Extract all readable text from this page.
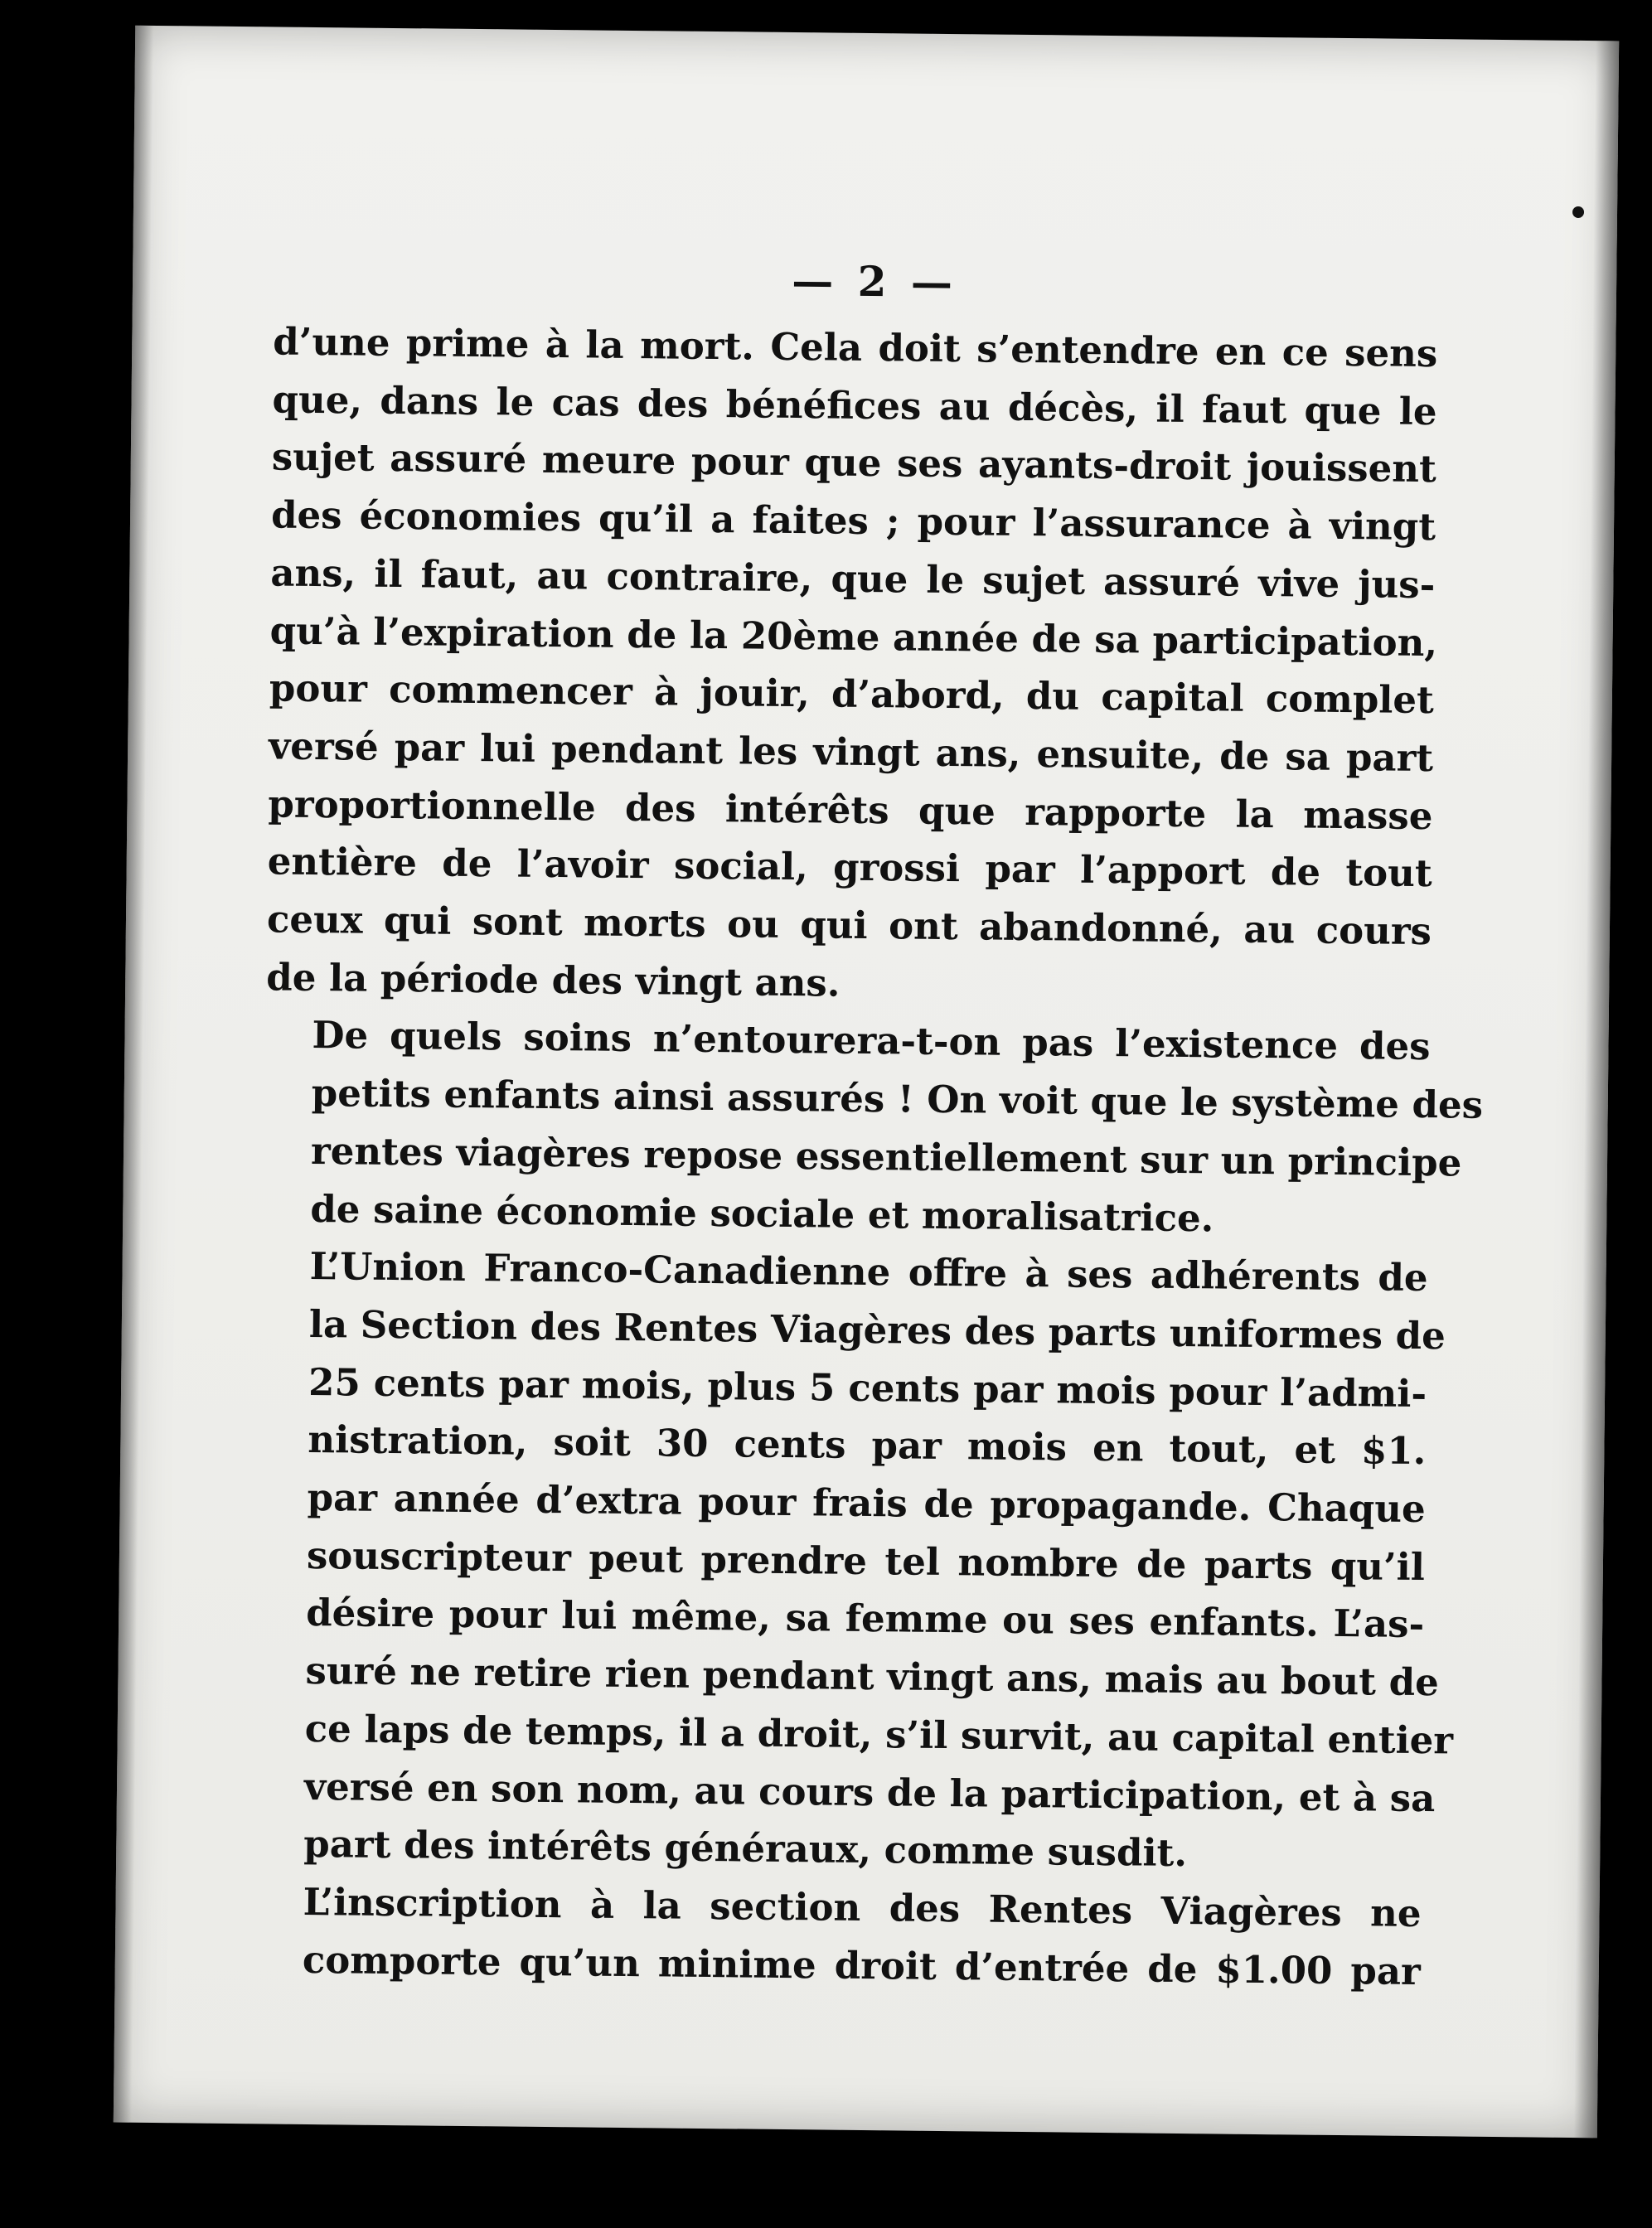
— 2 —
d’une prime à la mort. Cela doit s’entendre en ce sens
que, dans le cas des bénéfices au décès, il faut que le
sujet assuré meure pour que ses ayants-droit jouissent
des économies qu’il a faites ; pour l’assurance à vingt
ans, il faut, au contraire, que le sujet assuré vive jus-
qu’à l’expiration de la 20ème année de sa participation,
pour commencer à jouir, d’abord, du capital complet
versé par lui pendant les vingt ans, ensuite, de sa part
proportionnelle des intérêts que rapporte la masse
entière de l’avoir social, grossi par l’apport de tout
ceux qui sont morts ou qui ont abandonné, au cours
de la période des vingt ans.
De quels soins n’entourera-t-on pas l’existence des
petits enfants ainsi assurés ! On voit que le système des
rentes viagères repose essentiellement sur un principe
de saine économie sociale et moralisatrice.
L’Union Franco-Canadienne offre à ses adhérents de
la Section des Rentes Viagères des parts uniformes de
25 cents par mois, plus 5 cents par mois pour l’admi-
nistration, soit 30 cents par mois en tout, et $1.
par année d’extra pour frais de propagande. Chaque
souscripteur peut prendre tel nombre de parts qu’il
désire pour lui même, sa femme ou ses enfants. L’as-
suré ne retire rien pendant vingt ans, mais au bout de
ce laps de temps, il a droit, s’il survit, au capital entier
versé en son nom, au cours de la participation, et à sa
part des intérêts généraux, comme susdit.
L’inscription à la section des Rentes Viagères ne
comporte qu’un minime droit d’entrée de $1.00 par
